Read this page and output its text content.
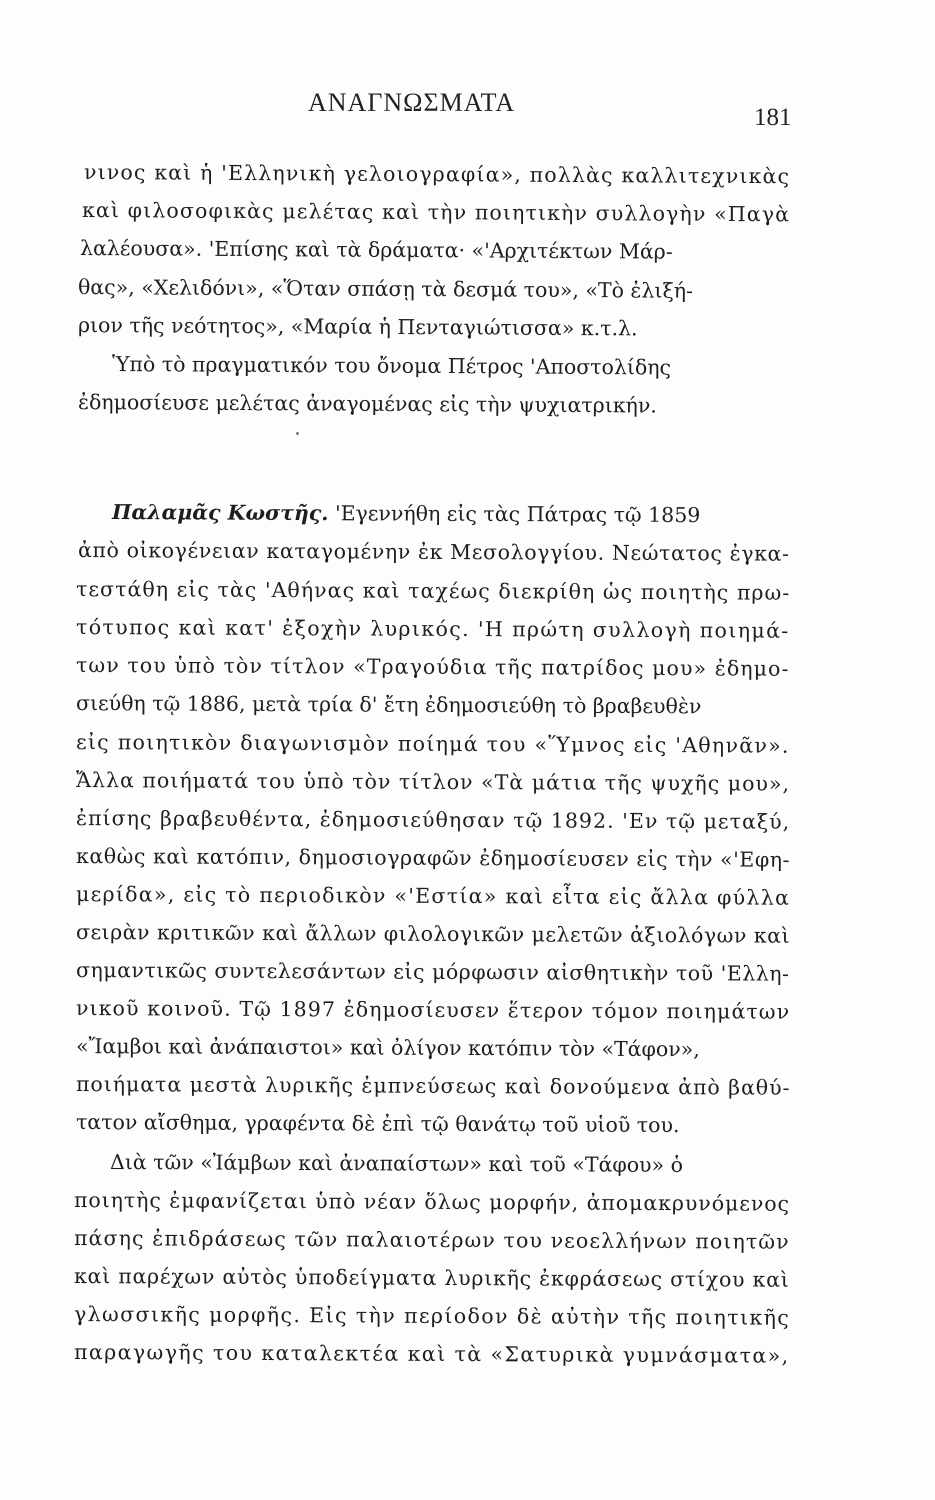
ΑΝΑΓΝΩΣΜΑΤΑ
181
νινος καὶ ἡ 'Ελληνικὴ γελοιογραφία», πολλὰς καλλιτεχνικὰς
καὶ φιλοσοφικὰς μελέτας καὶ τὴν ποιητικὴν συλλογὴν «Παγὰ
λαλέουσα». 'Επίσης καὶ τὰ δράματα· «'Αρχιτέκτων Μάρ-
θας», «Χελιδόνι», «Ὅταν σπάσῃ τὰ δεσμά του», «Τὸ ἐλιξή-
ριον τῆς νεότητος», «Μαρία ἡ Πενταγιώτισσα» κ.τ.λ.
Ὑπὸ τὸ πραγματικόν του ὄνομα Πέτρος 'Αποστολίδης
ἐδημοσίευσε μελέτας ἀναγομένας εἰς τὴν ψυχιατρικήν.
Παλαμᾶς Κωστῆς. 'Εγεννήθη εἰς τὰς Πάτρας τῷ 1859
ἀπὸ οἰκογένειαν καταγομένην ἐκ Μεσολογγίου. Νεώτατος ἐγκα-
τεστάθη εἰς τὰς 'Αθήνας καὶ ταχέως διεκρίθη ὡς ποιητὴς πρω-
τότυπος καὶ κατ' ἐξοχὴν λυρικός. 'Η πρώτη συλλογὴ ποιημά-
των του ὑπὸ τὸν τίτλον «Τραγούδια τῆς πατρίδος μου» ἐδημο-
σιεύθη τῷ 1886, μετὰ τρία δ' ἔτη ἐδημοσιεύθη τὸ βραβευθὲν
εἰς ποιητικὸν διαγωνισμὸν ποίημά του «Ὕμνος εἰς 'Αθηνᾶν».
Ἄλλα ποιήματά του ὑπὸ τὸν τίτλον «Τὰ μάτια τῆς ψυχῆς μου»,
ἐπίσης βραβευθέντα, ἐδημοσιεύθησαν τῷ 1892. 'Εν τῷ μεταξύ,
καθὼς καὶ κατόπιν, δημοσιογραφῶν ἐδημοσίευσεν εἰς τὴν «'Εφη-
μερίδα», εἰς τὸ περιοδικὸν «'Εστία» καὶ εἶτα εἰς ἄλλα φύλλα
σειρὰν κριτικῶν καὶ ἄλλων φιλολογικῶν μελετῶν ἀξιολόγων καὶ
σημαντικῶς συντελεσάντων εἰς μόρφωσιν αἰσθητικὴν τοῦ 'Ελλη-
νικοῦ κοινοῦ. Τῷ 1897 ἐδημοσίευσεν ἕτερον τόμον ποιημάτων
«Ἴαμβοι καὶ ἀνάπαιστοι» καὶ ὀλίγον κατόπιν τὸν «Τάφον»,
ποιήματα μεστὰ λυρικῆς ἐμπνεύσεως καὶ δονούμενα ἀπὸ βαθύ-
τατον αἴσθημα, γραφέντα δὲ ἐπὶ τῷ θανάτῳ τοῦ υἱοῦ του.
Διὰ τῶν «Ἰάμβων καὶ ἀναπαίστων» καὶ τοῦ «Τάφου» ὁ
ποιητὴς ἐμφανίζεται ὑπὸ νέαν ὅλως μορφήν, ἀπομακρυνόμενος
πάσης ἐπιδράσεως τῶν παλαιοτέρων του νεοελλήνων ποιητῶν
καὶ παρέχων αὐτὸς ὑποδείγματα λυρικῆς ἐκφράσεως στίχου καὶ
γλωσσικῆς μορφῆς. Εἰς τὴν περίοδον δὲ αὐτὴν τῆς ποιητικῆς
παραγωγῆς του καταλεκτέα καὶ τὰ «Σατυρικὰ γυμνάσματα»,
